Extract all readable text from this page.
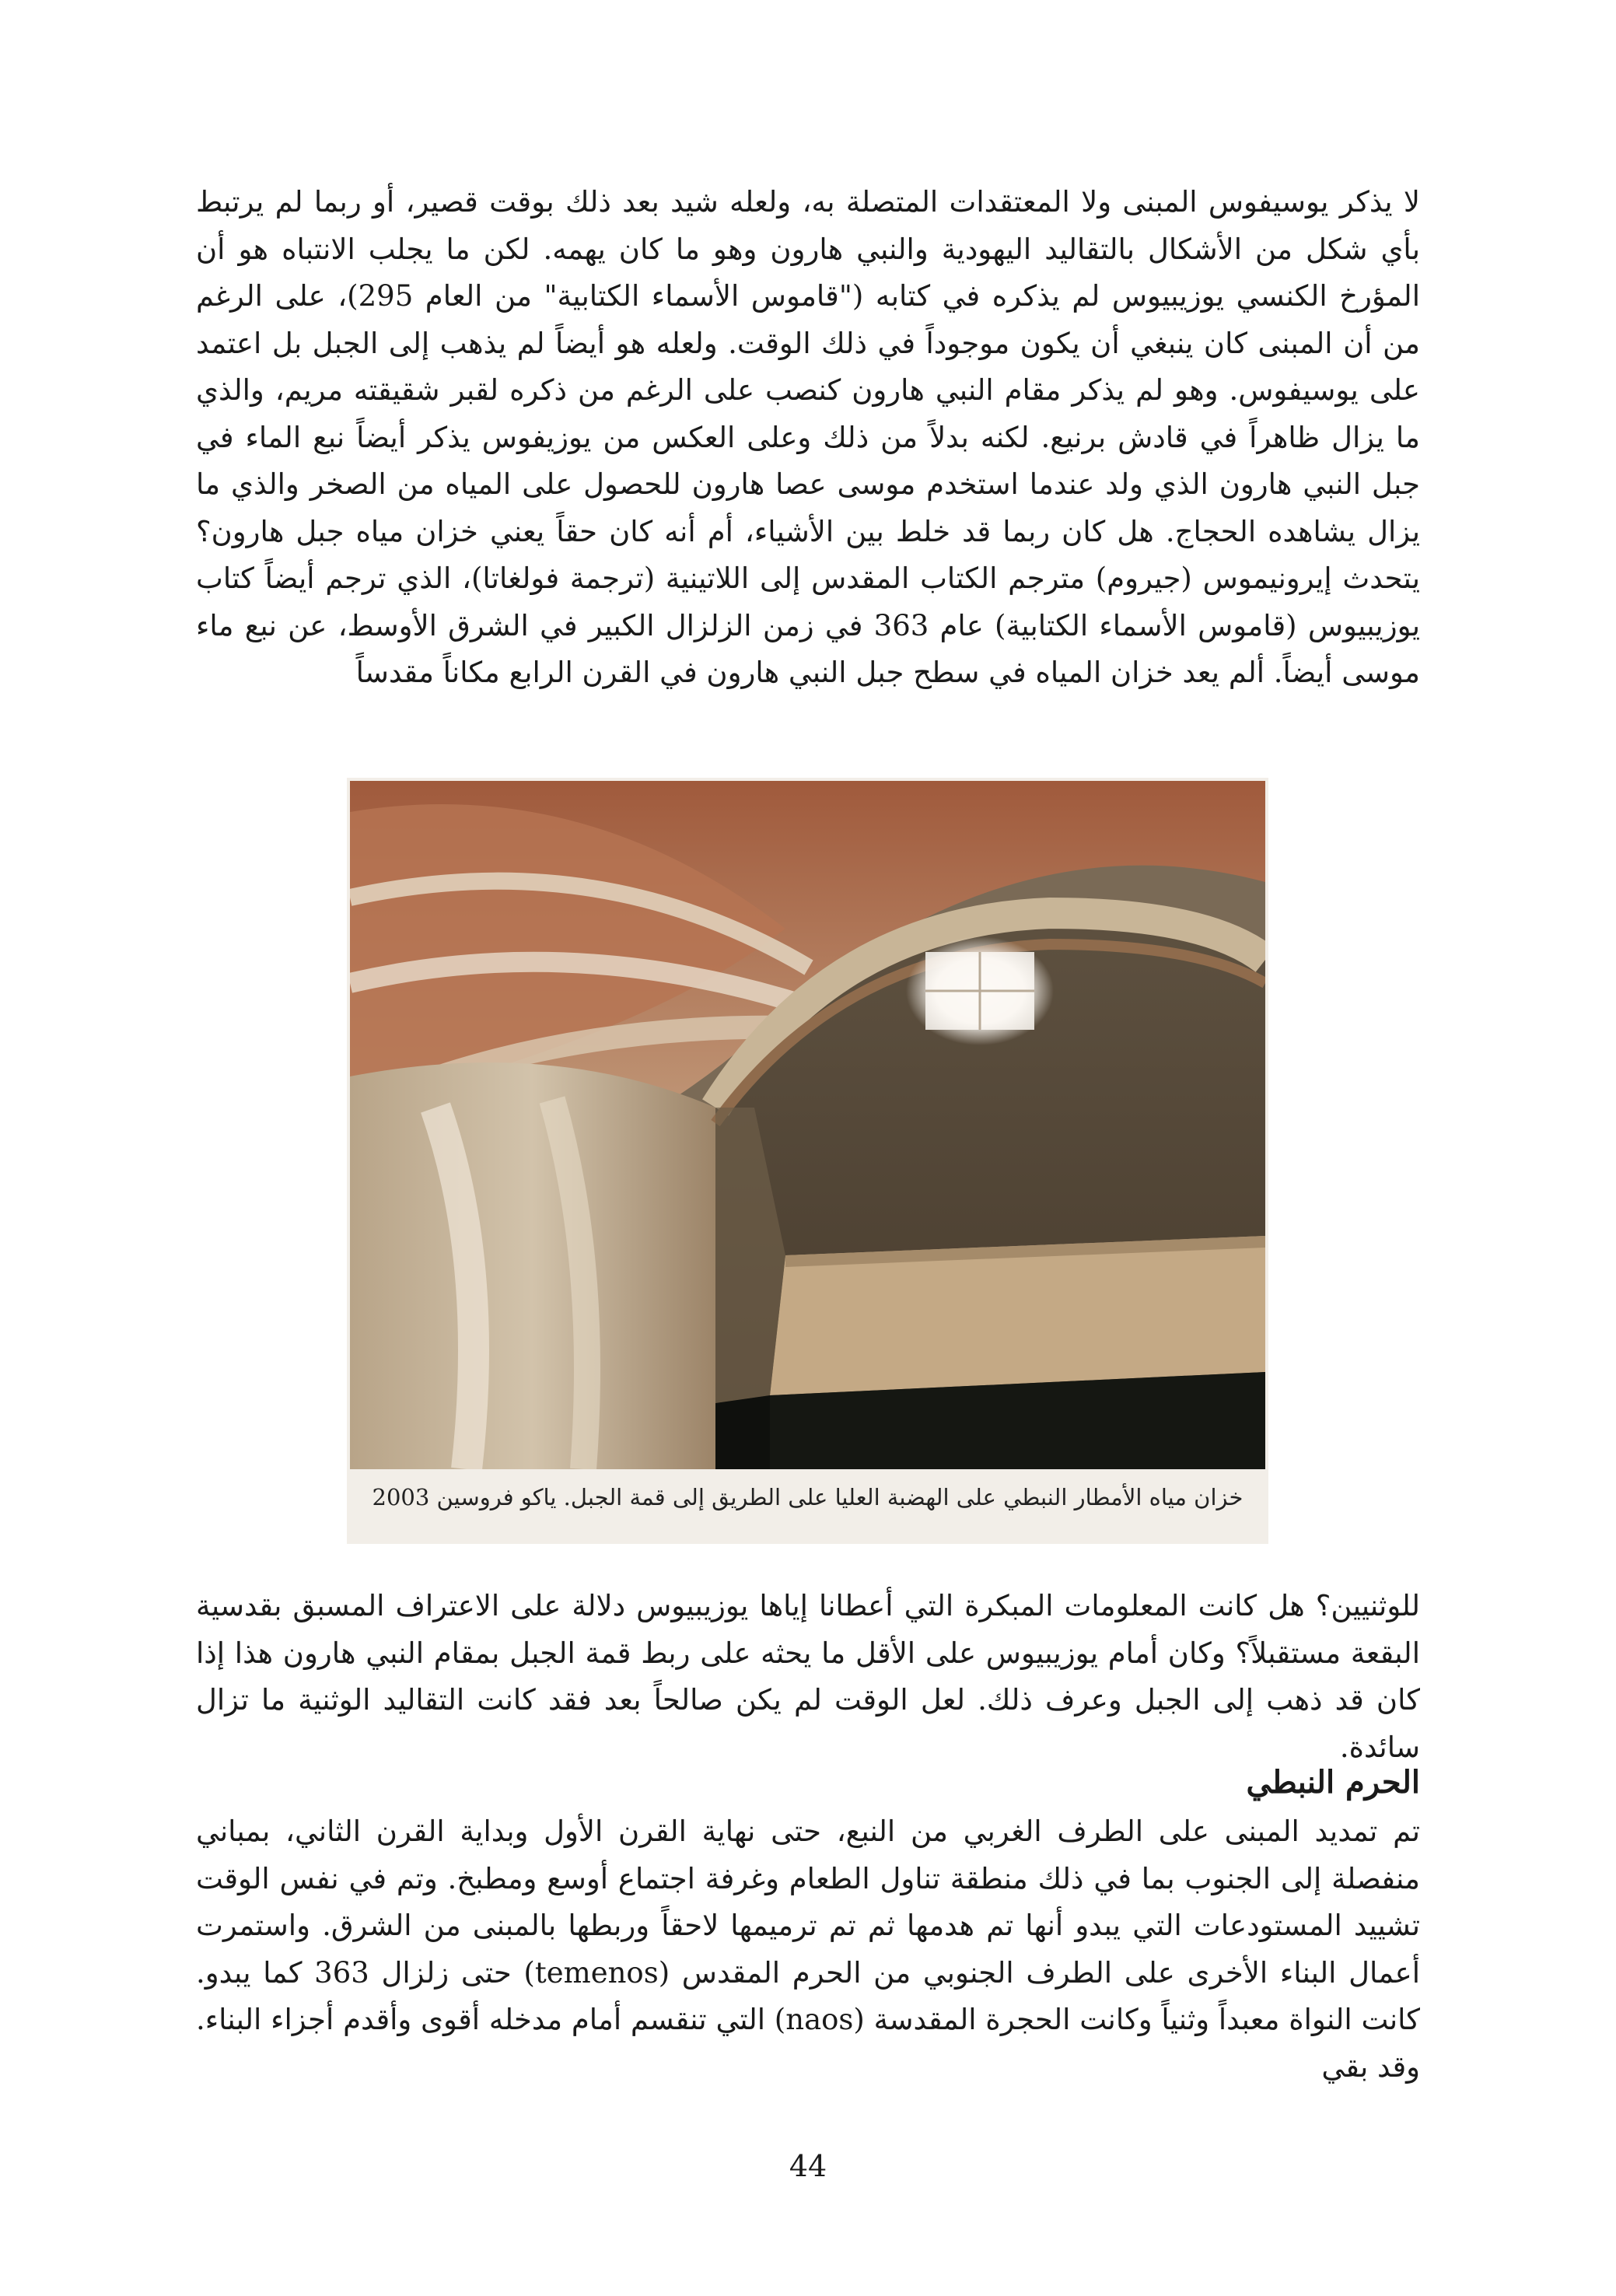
لا يذكر يوسيفوس المبنى ولا المعتقدات المتصلة به، ولعله شيد بعد ذلك بوقت قصير، أو ربما لم يرتبط بأي شكل من الأشكال بالتقاليد اليهودية والنبي هارون وهو ما كان يهمه. لكن ما يجلب الانتباه هو أن المؤرخ الكنسي يوزيبيوس لم يذكره في كتابه ("قاموس الأسماء الكتابية" من العام 295)، على الرغم من أن المبنى كان ينبغي أن يكون موجوداً في ذلك الوقت. ولعله هو أيضاً لم يذهب إلى الجبل بل اعتمد على يوسيفوس. وهو لم يذكر مقام النبي هارون كنصب على الرغم من ذكره لقبر شقيقته مريم، والذي ما يزال ظاهراً في قادش برنيع. لكنه بدلاً من ذلك وعلى العكس من يوزيفوس يذكر أيضاً نبع الماء في جبل النبي هارون الذي ولد عندما استخدم موسى عصا هارون للحصول على المياه من الصخر والذي ما يزال يشاهده الحجاج. هل كان ربما قد خلط بين الأشياء، أم أنه كان حقاً يعني خزان مياه جبل هارون؟ يتحدث إيرونيموس (جيروم) مترجم الكتاب المقدس إلى اللاتينية (ترجمة فولغاتا)، الذي ترجم أيضاً كتاب يوزيبيوس (قاموس الأسماء الكتابية) عام 363 في زمن الزلزال الكبير في الشرق الأوسط، عن نبع ماء موسى أيضاً. ألم يعد خزان المياه في سطح جبل النبي هارون في القرن الرابع مكاناً مقدساً

خزان مياه الأمطار النبطي على الهضبة العليا على الطريق إلى قمة الجبل. ياكو فروسين 2003

للوثنيين؟ هل كانت المعلومات المبكرة التي أعطانا إياها يوزيبيوس دلالة على الاعتراف المسبق بقدسية البقعة مستقبلاً؟ وكان أمام يوزيبيوس على الأقل ما يحثه على ربط قمة الجبل بمقام النبي هارون هذا إذا كان قد ذهب إلى الجبل وعرف ذلك. لعل الوقت لم يكن صالحاً بعد فقد كانت التقاليد الوثنية ما تزال سائدة.

الحرم النبطي

تم تمديد المبنى على الطرف الغربي من النبع، حتى نهاية القرن الأول وبداية القرن الثاني، بمباني منفصلة إلى الجنوب بما في ذلك منطقة تناول الطعام وغرفة اجتماع أوسع ومطبخ. وتم في نفس الوقت تشييد المستودعات التي يبدو أنها تم هدمها ثم تم ترميمها لاحقاً وربطها بالمبنى من الشرق. واستمرت أعمال البناء الأخرى على الطرف الجنوبي من الحرم المقدس (temenos) حتى زلزال 363 كما يبدو. كانت النواة معبداً وثنياً وكانت الحجرة المقدسة (naos) التي تنقسم أمام مدخله أقوى وأقدم أجزاء البناء. وقد بقي

44
